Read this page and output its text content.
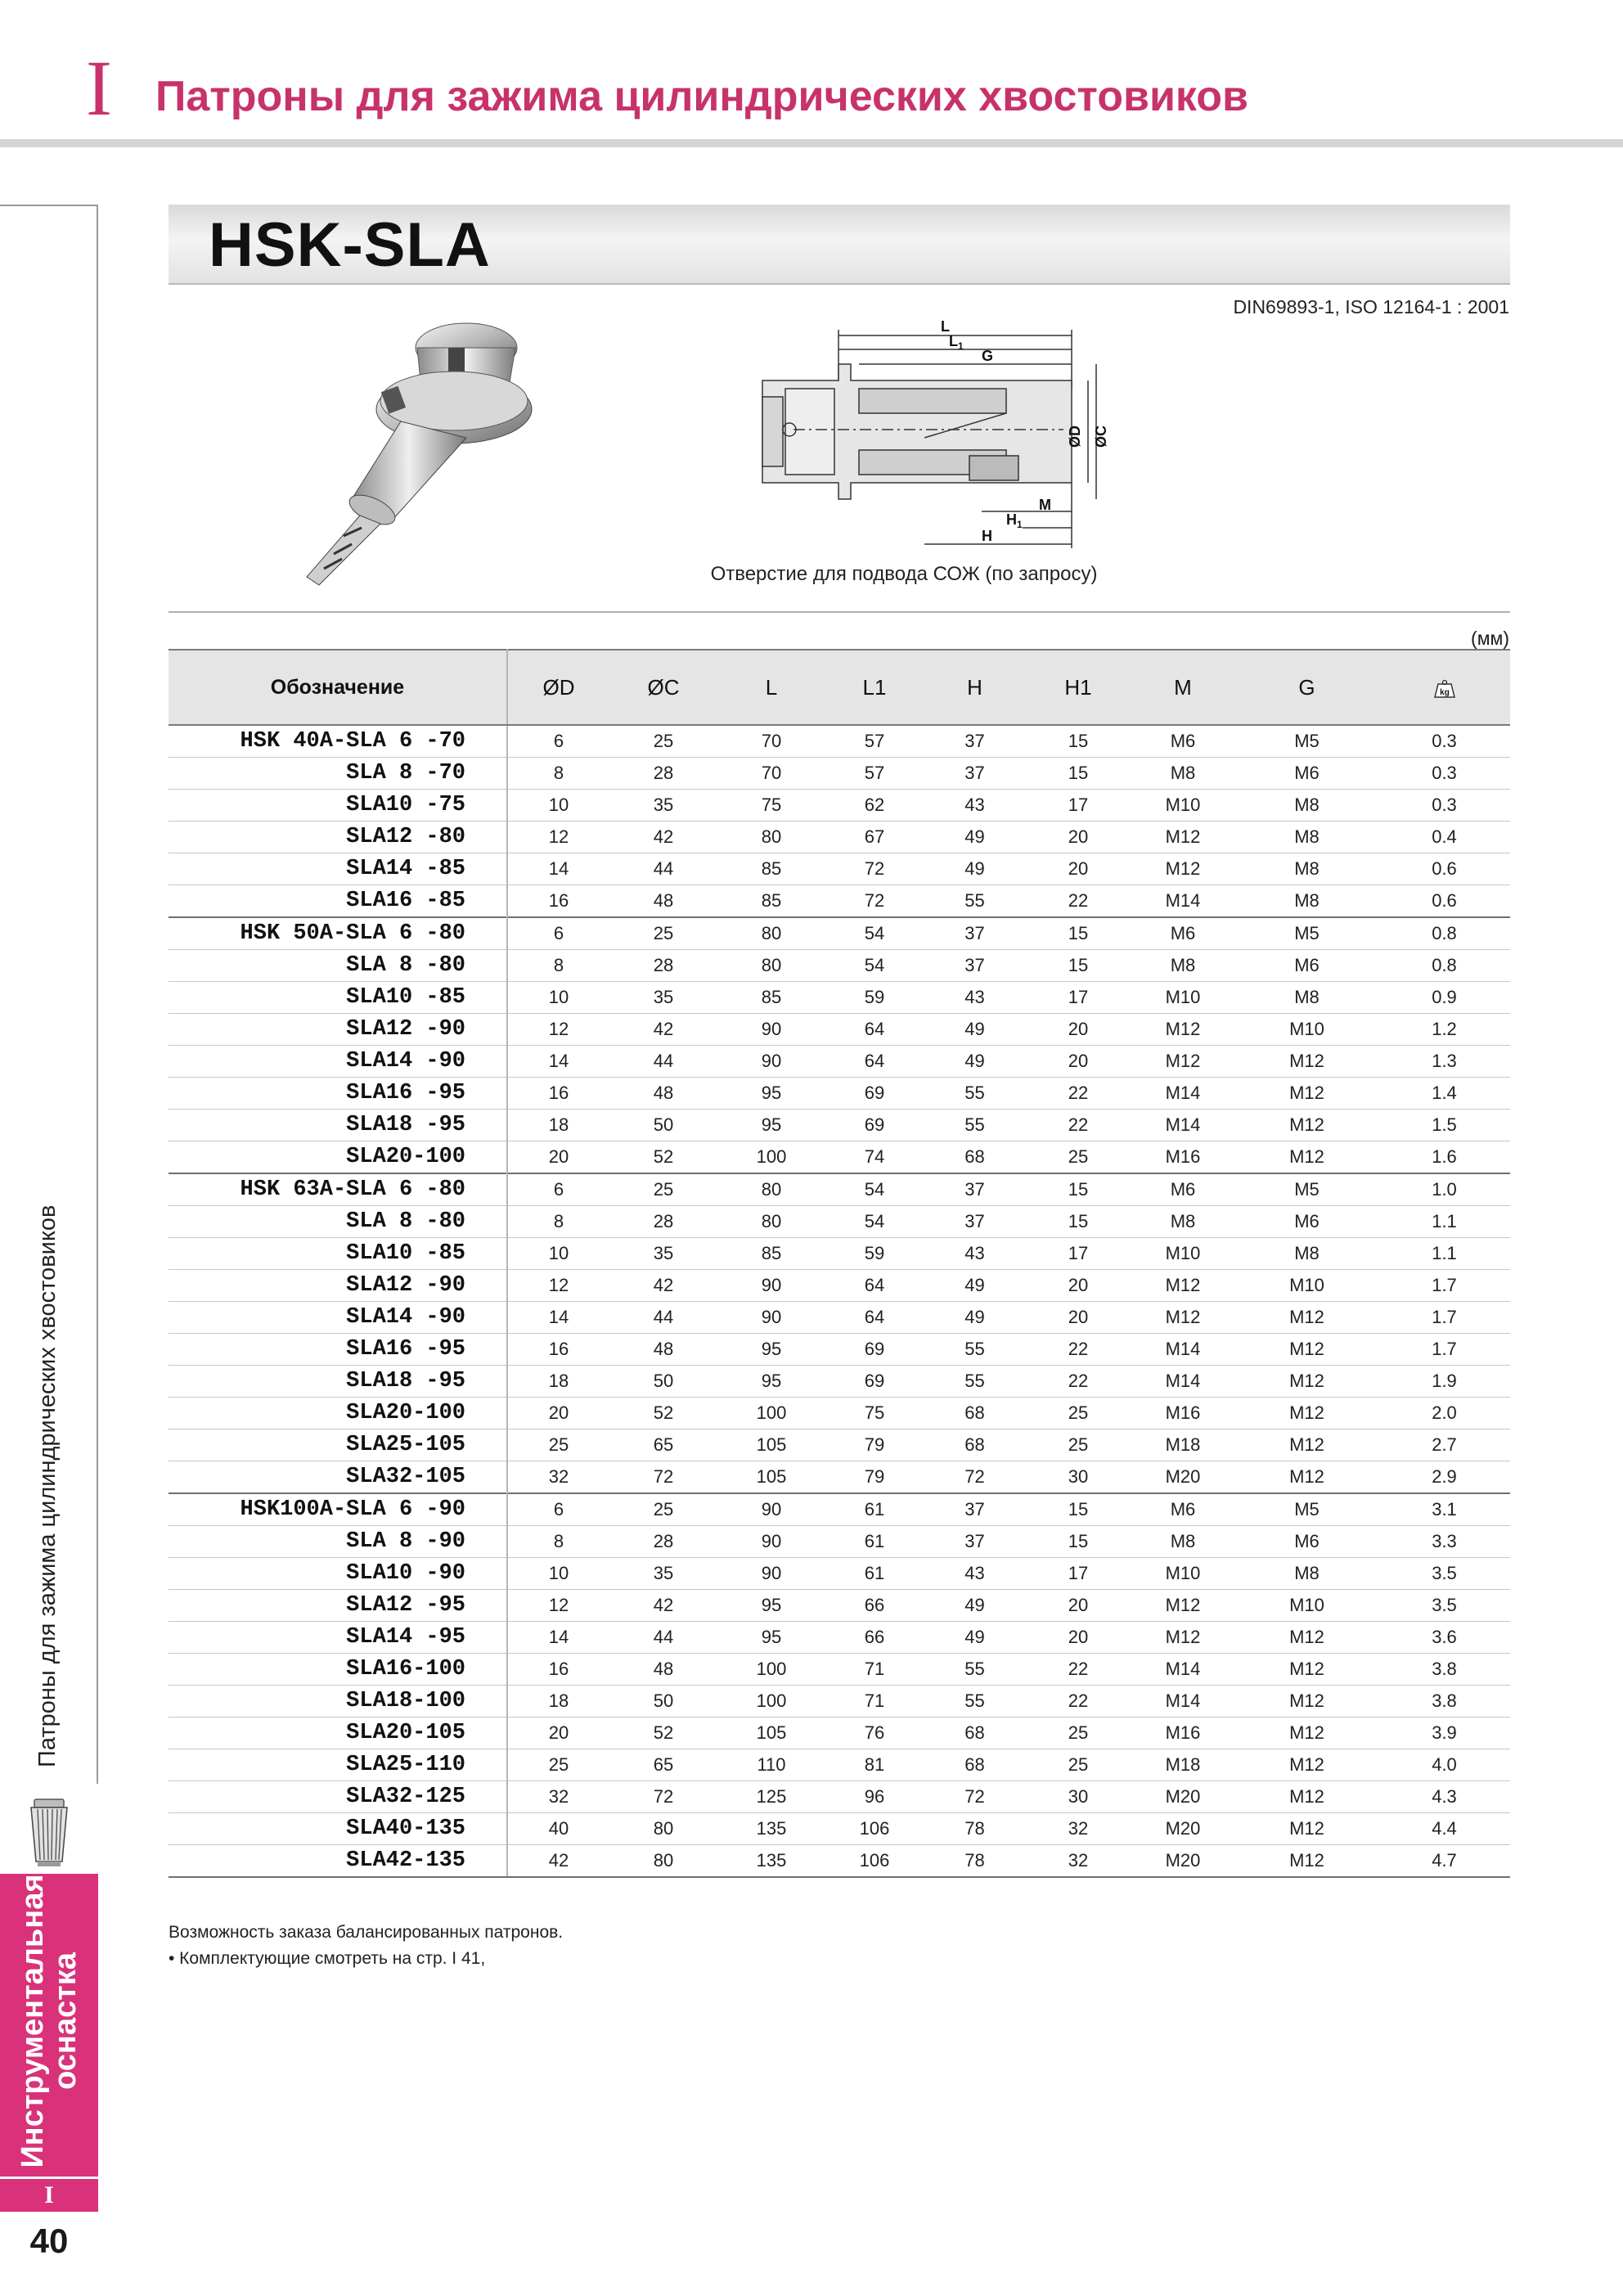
I Патроны для зажима цилиндрических хвостовиков
Патроны для зажима цилиндрических хвостовиков
Инструментальная
оснастка
I
40
HSK-SLA
DIN69893-1, ISO 12164-1 : 2001
L
$L_1$
G
ØD ØC
M
$H_1$
H
Отверстие для подвода СОЖ (по запросу)
(мм)
Обозначение	ØD	ØC	L	L1	H	H1	M	G	kg

HSK 40A-SLA 6 -70	6	25	70	57	37	15	M6	M5	0.3
SLA 8 -70	8	28	70	57	37	15	M8	M6	0.3
SLA10 -75	10	35	75	62	43	17	M10	M8	0.3
SLA12 -80	12	42	80	67	49	20	M12	M8	0.4
SLA14 -85	14	44	85	72	49	20	M12	M8	0.6
SLA16 -85	16	48	85	72	55	22	M14	M8	0.6
HSK 50A-SLA 6 -80	6	25	80	54	37	15	M6	M5	0.8
SLA 8 -80	8	28	80	54	37	15	M8	M6	0.8
SLA10 -85	10	35	85	59	43	17	M10	M8	0.9
SLA12 -90	12	42	90	64	49	20	M12	M10	1.2
SLA14 -90	14	44	90	64	49	20	M12	M12	1.3
SLA16 -95	16	48	95	69	55	22	M14	M12	1.4
SLA18 -95	18	50	95	69	55	22	M14	M12	1.5
SLA20-100	20	52	100	74	68	25	M16	M12	1.6
HSK 63A-SLA 6 -80	6	25	80	54	37	15	M6	M5	1.0
SLA 8 -80	8	28	80	54	37	15	M8	M6	1.1
SLA10 -85	10	35	85	59	43	17	M10	M8	1.1
SLA12 -90	12	42	90	64	49	20	M12	M10	1.7
SLA14 -90	14	44	90	64	49	20	M12	M12	1.7
SLA16 -95	16	48	95	69	55	22	M14	M12	1.7
SLA18 -95	18	50	95	69	55	22	M14	M12	1.9
SLA20-100	20	52	100	75	68	25	M16	M12	2.0
SLA25-105	25	65	105	79	68	25	M18	M12	2.7
SLA32-105	32	72	105	79	72	30	M20	M12	2.9
HSK100A-SLA 6 -90	6	25	90	61	37	15	M6	M5	3.1
SLA 8 -90	8	28	90	61	37	15	M8	M6	3.3
SLA10 -90	10	35	90	61	43	17	M10	M8	3.5
SLA12 -95	12	42	95	66	49	20	M12	M10	3.5
SLA14 -95	14	44	95	66	49	20	M12	M12	3.6
SLA16-100	16	48	100	71	55	22	M14	M12	3.8
SLA18-100	18	50	100	71	55	22	M14	M12	3.8
SLA20-105	20	52	105	76	68	25	M16	M12	3.9
SLA25-110	25	65	110	81	68	25	M18	M12	4.0
SLA32-125	32	72	125	96	72	30	M20	M12	4.3
SLA40-135	40	80	135	106	78	32	M20	M12	4.4
SLA42-135	42	80	135	106	78	32	M20	M12	4.7
Возможность заказа балансированных патронов.
• Комплектующие смотреть на стр. I 41,
